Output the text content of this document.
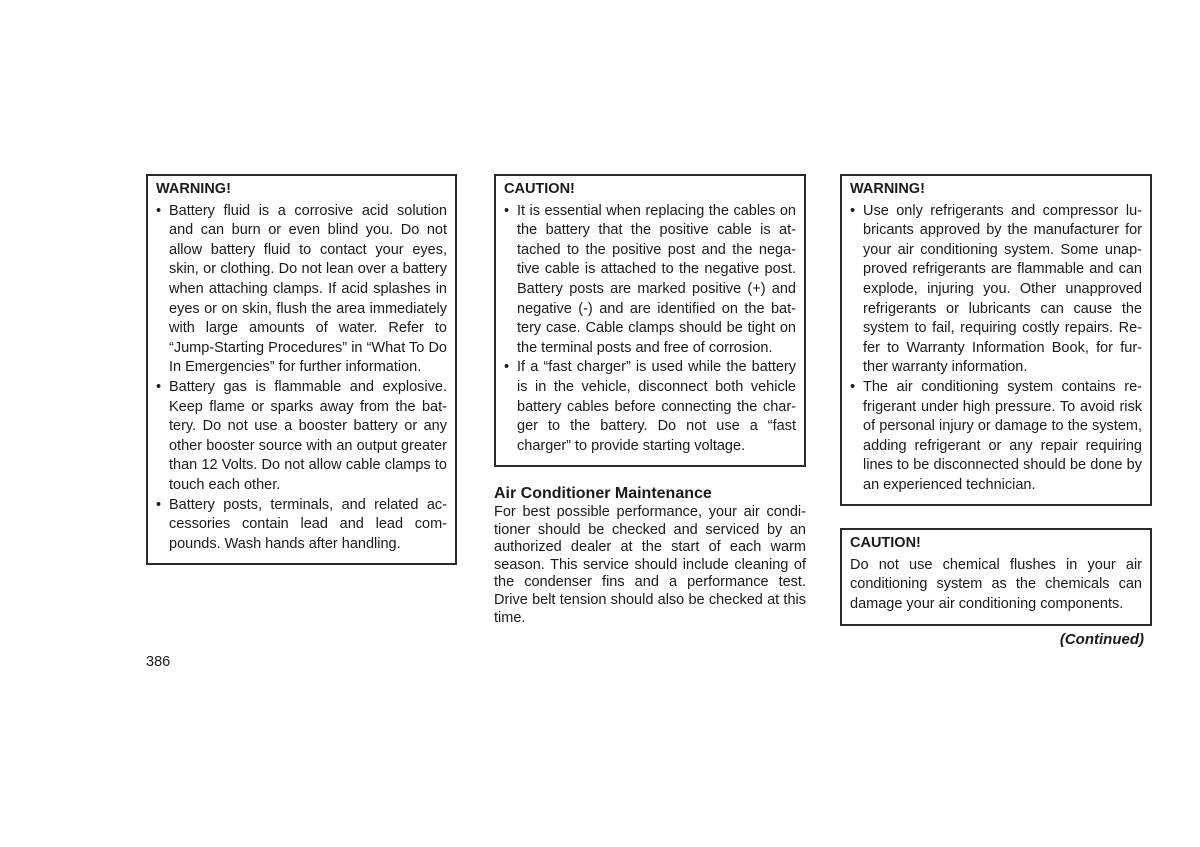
WARNING!
• Battery fluid is a corrosive acid solution and can burn or even blind you. Do not allow battery fluid to contact your eyes, skin, or clothing. Do not lean over a battery when attaching clamps. If acid splashes in eyes or on skin, flush the area immediately with large amounts of water. Refer to “Jump-Starting Procedures” in “What To Do In Emergencies” for further information.
• Battery gas is flammable and explosive. Keep flame or sparks away from the battery. Do not use a booster battery or any other booster source with an output greater than 12 Volts. Do not allow cable clamps to touch each other.
• Battery posts, terminals, and related accessories contain lead and lead compounds. Wash hands after handling.
CAUTION!
• It is essential when replacing the cables on the battery that the positive cable is attached to the positive post and the negative cable is attached to the negative post. Battery posts are marked positive (+) and negative (-) and are identified on the battery case. Cable clamps should be tight on the terminal posts and free of corrosion.
• If a “fast charger” is used while the battery is in the vehicle, disconnect both vehicle battery cables before connecting the charger to the battery. Do not use a “fast charger” to provide starting voltage.
Air Conditioner Maintenance

For best possible performance, your air conditioner should be checked and serviced by an authorized dealer at the start of each warm season. This service should include cleaning of the condenser fins and a performance test. Drive belt tension should also be checked at this time.

WARNING!
• Use only refrigerants and compressor lubricants approved by the manufacturer for your air conditioning system. Some unapproved refrigerants are flammable and can explode, injuring you. Other unapproved refrigerants or lubricants can cause the system to fail, requiring costly repairs. Refer to Warranty Information Book, for further warranty information.
• The air conditioning system contains refrigerant under high pressure. To avoid risk of personal injury or damage to the system, adding refrigerant or any repair requiring lines to be disconnected should be done by an experienced technician.
CAUTION!

Do not use chemical flushes in your air conditioning system as the chemicals can damage your air conditioning components.

(Continued)
386
